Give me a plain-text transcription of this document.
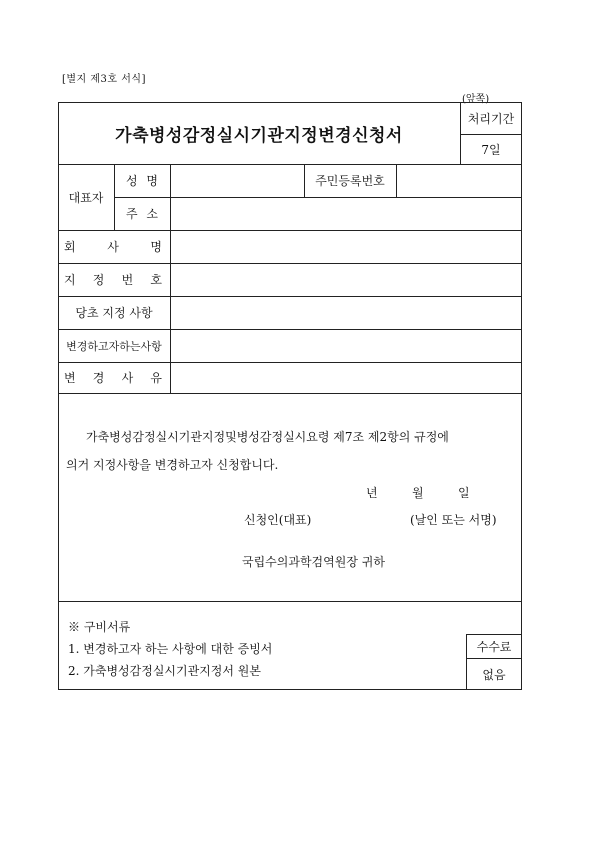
[별지 제3호 서식]
(앞쪽)
가축병성감정실시기관지정변경신청서
처리기간
7일
대표자
성 명	주민등록번호
주 소
회	사	명
지 정 번 호
당초 지정 사항
변경하고자하는사항
변 경 사 유
가축병성감정실시기관지정및병성감정실시요령 제7조 제2항의 규정에
의거 지정사항을 변경하고자 신청합니다.
년	월	일
신청인(대표)	(날인 또는 서명)
국립수의과학검역원장 귀하
※ 구비서류
1. 변경하고자 하는 사항에 대한 증빙서
2. 가축병성감정실시기관지정서 원본
수수료
없음
